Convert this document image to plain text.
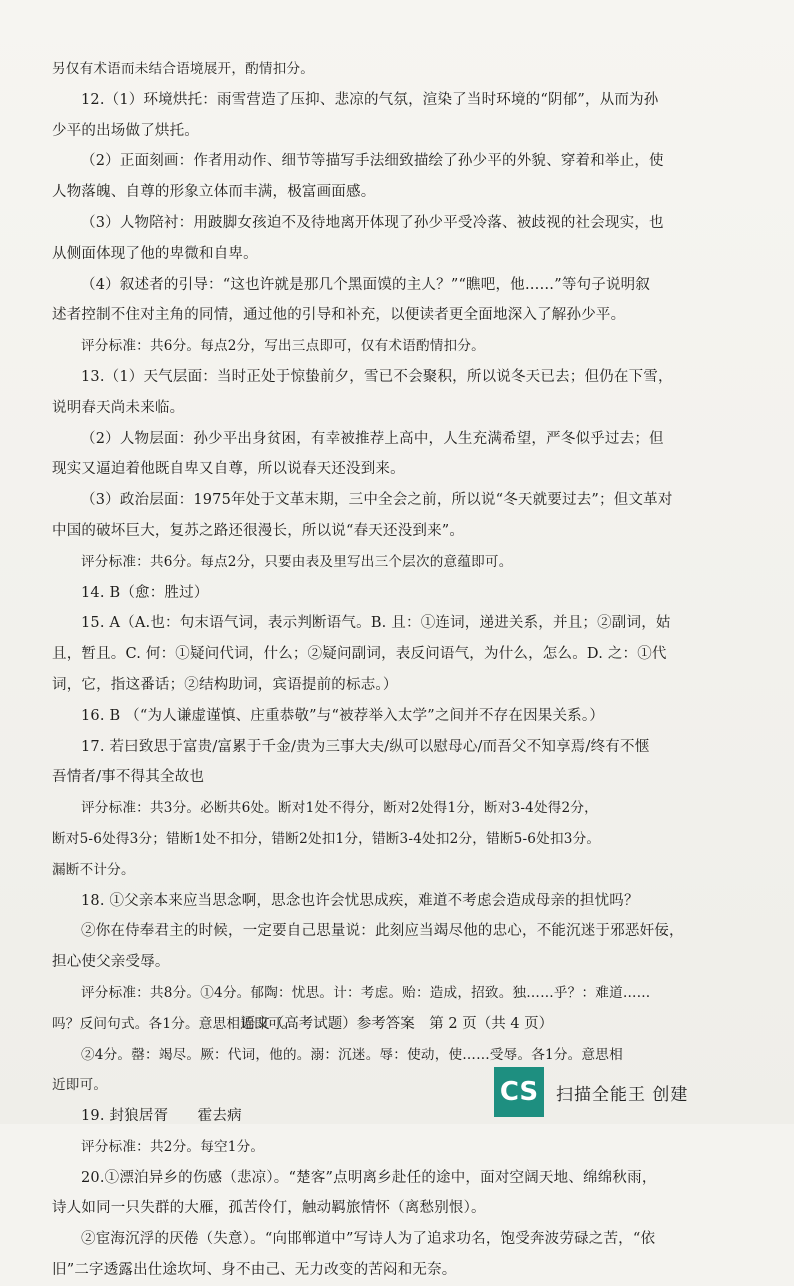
另仅有术语而未结合语境展开，酌情扣分。

12.（1）环境烘托：雨雪营造了压抑、悲凉的气氛，渲染了当时环境的“阴郁”，从而为孙

少平的出场做了烘托。

（2）正面刻画：作者用动作、细节等描写手法细致描绘了孙少平的外貌、穿着和举止，使

人物落魄、自尊的形象立体而丰满，极富画面感。

（3）人物陪衬：用跛脚女孩迫不及待地离开体现了孙少平受冷落、被歧视的社会现实，也

从侧面体现了他的卑微和自卑。

（4）叙述者的引导：“这也许就是那几个黑面馍的主人？”“瞧吧，他……”等句子说明叙

述者控制不住对主角的同情，通过他的引导和补充，以便读者更全面地深入了解孙少平。

评分标准：共6分。每点2分，写出三点即可，仅有术语酌情扣分。

13.（1）天气层面：当时正处于惊蛰前夕，雪已不会聚积，所以说冬天已去；但仍在下雪，

说明春天尚未来临。

（2）人物层面：孙少平出身贫困，有幸被推荐上高中，人生充满希望，严冬似乎过去；但

现实又逼迫着他既自卑又自尊，所以说春天还没到来。

（3）政治层面：1975年处于文革末期，三中全会之前，所以说“冬天就要过去”；但文革对

中国的破坏巨大，复苏之路还很漫长，所以说“春天还没到来”。

评分标准：共6分。每点2分，只要由表及里写出三个层次的意蕴即可。

14. B（愈：胜过）

15. A（A.也：句末语气词，表示判断语气。B. 且：①连词，递进关系，并且；②副词，姑

且，暂且。C. 何：①疑问代词，什么；②疑问副词，表反问语气，为什么，怎么。D. 之：①代

词，它，指这番话；②结构助词，宾语提前的标志。）

16. B （“为人谦虚谨慎、庄重恭敬”与“被荐举入太学”之间并不存在因果关系。）

17. 若曰致思于富贵/富累于千金/贵为三事大夫/纵可以慰母心/而吾父不知享焉/终有不惬

吾情者/事不得其全故也

评分标准：共3分。必断共6处。断对1处不得分，断对2处得1分，断对3-4处得2分，

断对5-6处得3分；错断1处不扣分，错断2处扣1分，错断3-4处扣2分，错断5-6处扣3分。

漏断不计分。

18. ①父亲本来应当思念啊，思念也许会忧思成疾，难道不考虑会造成母亲的担忧吗？

②你在侍奉君主的时候，一定要自己思量说：此刻应当竭尽他的忠心，不能沉迷于邪恶奸佞，

担心使父亲受辱。

评分标准：共8分。①4分。郁陶：忧思。计：考虑。贻：造成，招致。独……乎？：难道……

吗？反问句式。各1分。意思相近即可。

②4分。罄：竭尽。厥：代词，他的。溺：沉迷。辱：使动，使……受辱。各1分。意思相

近即可。

19. 封狼居胥　　霍去病

评分标准：共2分。每空1分。

20.①漂泊异乡的伤感（悲凉）。“楚客”点明离乡赴任的途中，面对空阔天地、绵绵秋雨，

诗人如同一只失群的大雁，孤苦伶仃，触动羁旅情怀（离愁别恨）。

②宦海沉浮的厌倦（失意）。“向邯郸道中”写诗人为了追求功名，饱受奔波劳碌之苦，“依

旧”二字透露出仕途坎坷、身不由己、无力改变的苦闷和无奈。

语文（高考试题）参考答案　第 2 页（共 4 页）
CS	扫描全能王 创建
